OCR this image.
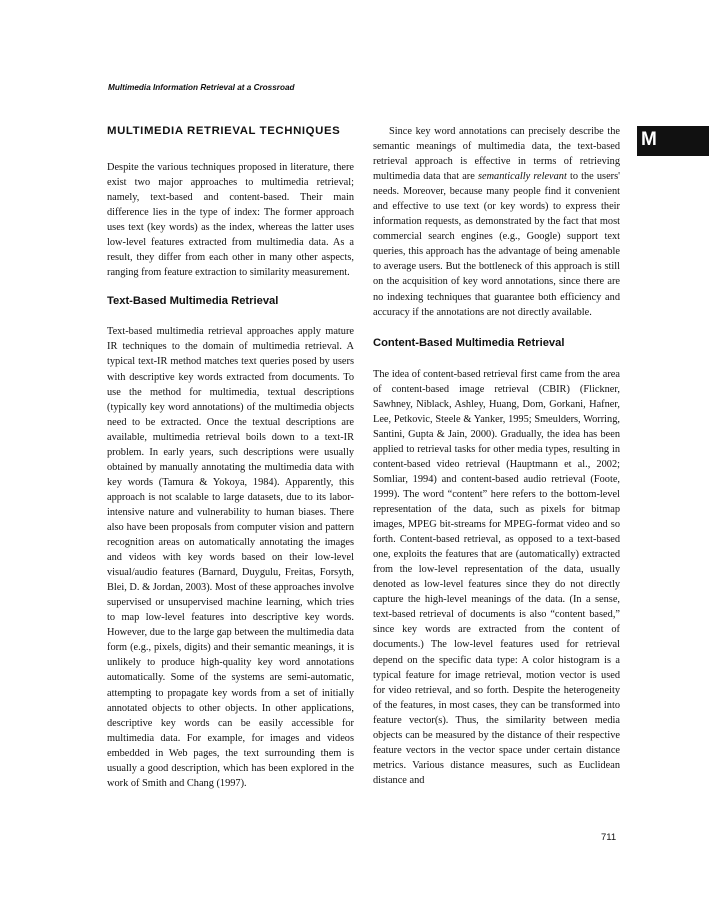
Multimedia Information Retrieval at a Crossroad
M
MULTIMEDIA RETRIEVAL TECHNIQUES

Despite the various techniques proposed in literature, there exist two major approaches to multimedia retrieval; namely, text-based and content-based. Their main difference lies in the type of index: The former approach uses text (key words) as the index, whereas the latter uses low-level features extracted from multimedia data. As a result, they differ from each other in many other aspects, ranging from feature extraction to similarity measurement.

Text-Based Multimedia Retrieval

Text-based multimedia retrieval approaches apply mature IR techniques to the domain of multimedia retrieval. A typical text-IR method matches text queries posed by users with descriptive key words extracted from documents. To use the method for multimedia, textual descriptions (typically key word annotations) of the multimedia objects need to be extracted. Once the textual descriptions are available, multimedia retrieval boils down to a text-IR problem. In early years, such descriptions were usually obtained by manually annotating the multimedia data with key words (Tamura & Yokoya, 1984). Apparently, this approach is not scalable to large datasets, due to its labor-intensive nature and vulnerability to human biases. There also have been proposals from computer vision and pattern recognition areas on automatically annotating the images and videos with key words based on their low-level visual/audio features (Barnard, Duygulu, Freitas, Forsyth, Blei, D. & Jordan, 2003). Most of these approaches involve supervised or unsupervised machine learning, which tries to map low-level features into descriptive key words. However, due to the large gap between the multimedia data form (e.g., pixels, digits) and their semantic meanings, it is unlikely to produce high-quality key word annotations automatically. Some of the systems are semi-automatic, attempting to propagate key words from a set of initially annotated objects to other objects. In other applications, descriptive key words can be easily accessible for multimedia data. For example, for images and videos embedded in Web pages, the text surrounding them is usually a good description, which has been explored in the work of Smith and Chang (1997).

Since key word annotations can precisely describe the semantic meanings of multimedia data, the text-based retrieval approach is effective in terms of retrieving multimedia data that are semantically relevant to the users' needs. Moreover, because many people find it convenient and effective to use text (or key words) to express their information requests, as demonstrated by the fact that most commercial search engines (e.g., Google) support text queries, this approach has the advantage of being amenable to average users. But the bottleneck of this approach is still on the acquisition of key word annotations, since there are no indexing techniques that guarantee both efficiency and accuracy if the annotations are not directly available.

Content-Based Multimedia Retrieval

The idea of content-based retrieval first came from the area of content-based image retrieval (CBIR) (Flickner, Sawhney, Niblack, Ashley, Huang, Dom, Gorkani, Hafner, Lee, Petkovic, Steele & Yanker, 1995; Smeulders, Worring, Santini, Gupta & Jain, 2000). Gradually, the idea has been applied to retrieval tasks for other media types, resulting in content-based video retrieval (Hauptmann et al., 2002; Somliar, 1994) and content-based audio retrieval (Foote, 1999). The word “content” here refers to the bottom-level representation of the data, such as pixels for bitmap images, MPEG bit-streams for MPEG-format video and so forth. Content-based retrieval, as opposed to a text-based one, exploits the features that are (automatically) extracted from the low-level representation of the data, usually denoted as low-level features since they do not directly capture the high-level meanings of the data. (In a sense, text-based retrieval of documents is also “content based,” since key words are extracted from the content of documents.) The low-level features used for retrieval depend on the specific data type: A color histogram is a typical feature for image retrieval, motion vector is used for video retrieval, and so forth. Despite the heterogeneity of the features, in most cases, they can be transformed into feature vector(s). Thus, the similarity between media objects can be measured by the distance of their respective feature vectors in the vector space under certain distance metrics. Various distance measures, such as Euclidean distance and

711
